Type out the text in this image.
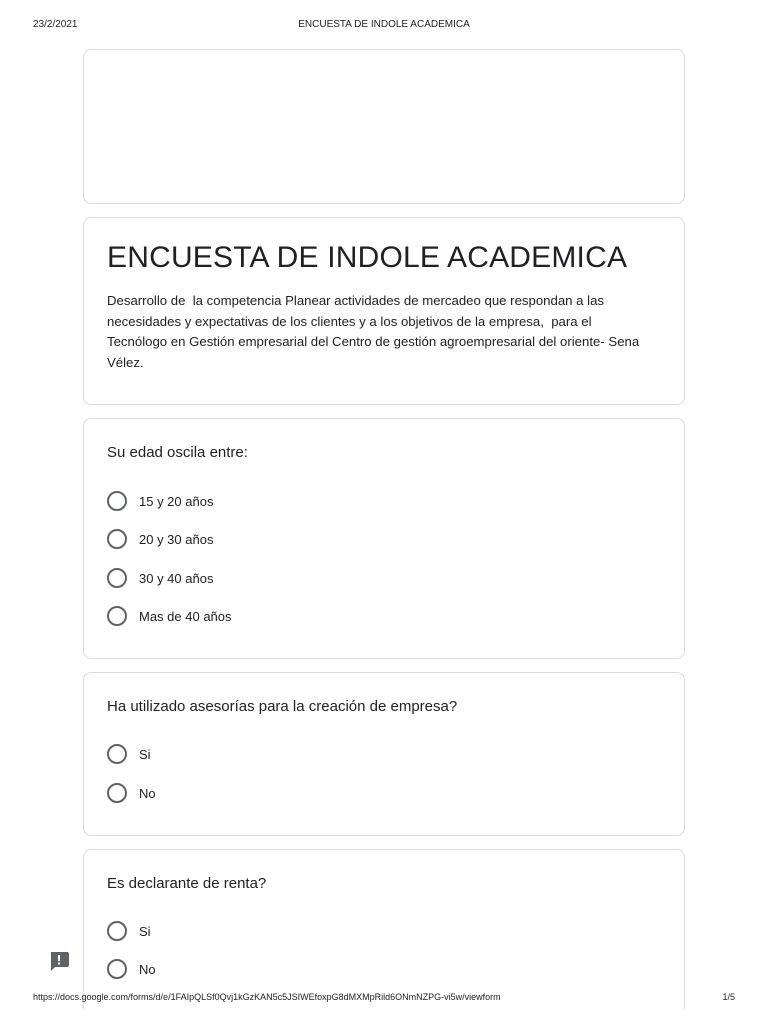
23/2/2021	ENCUESTA DE INDOLE ACADEMICA
ENCUESTA DE INDOLE ACADEMICA

Desarrollo de  la competencia Planear actividades de mercadeo que respondan a las
necesidades y expectativas de los clientes y a los objetivos de la empresa,  para el
Tecnólogo en Gestión empresarial del Centro de gestión agroempresarial del oriente- Sena
Vélez.

Su edad oscila entre:

15 y 20 años
20 y 30 años
30 y 40 años
Mas de 40 años

Ha utilizado asesorías para la creación de empresa?

Si
No

Es declarante de renta?

Si
No
https://docs.google.com/forms/d/e/1FAIpQLSf0Qvj1kGzKAN5c5JSIWEfoxpG8dMXMpRild6ONmNZPG-vi5w/viewform	1/5
